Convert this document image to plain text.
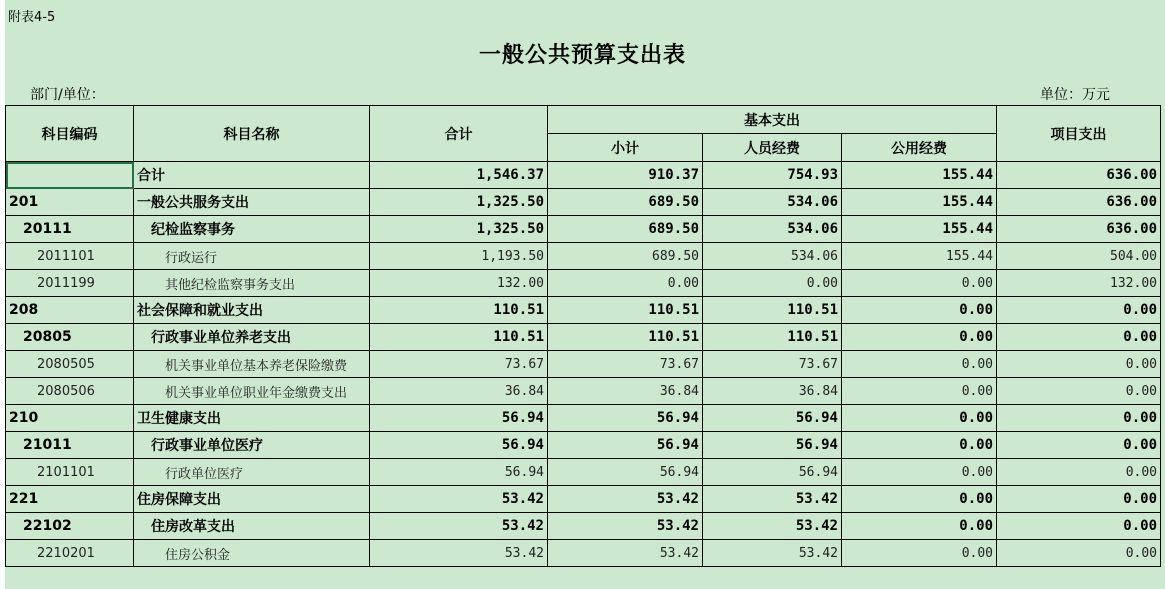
附表4-5
一般公共预算支出表
部门/单位：	单位：万元
科目编码	科目名称	合计	基本支出			项目支出
			小计	人员经费	公用经费	
	合计	1,546.37	910.37	754.93	155.44	636.00
201	一般公共服务支出	1,325.50	689.50	534.06	155.44	636.00
20111	纪检监察事务	1,325.50	689.50	534.06	155.44	636.00
2011101	行政运行	1,193.50	689.50	534.06	155.44	504.00
2011199	其他纪检监察事务支出	132.00	0.00	0.00	0.00	132.00
208	社会保障和就业支出	110.51	110.51	110.51	0.00	0.00
20805	行政事业单位养老支出	110.51	110.51	110.51	0.00	0.00
2080505	机关事业单位基本养老保险缴费	73.67	73.67	73.67	0.00	0.00
2080506	机关事业单位职业年金缴费支出	36.84	36.84	36.84	0.00	0.00
210	卫生健康支出	56.94	56.94	56.94	0.00	0.00
21011	行政事业单位医疗	56.94	56.94	56.94	0.00	0.00
2101101	行政单位医疗	56.94	56.94	56.94	0.00	0.00
221	住房保障支出	53.42	53.42	53.42	0.00	0.00
22102	住房改革支出	53.42	53.42	53.42	0.00	0.00
2210201	住房公积金	53.42	53.42	53.42	0.00	0.00
